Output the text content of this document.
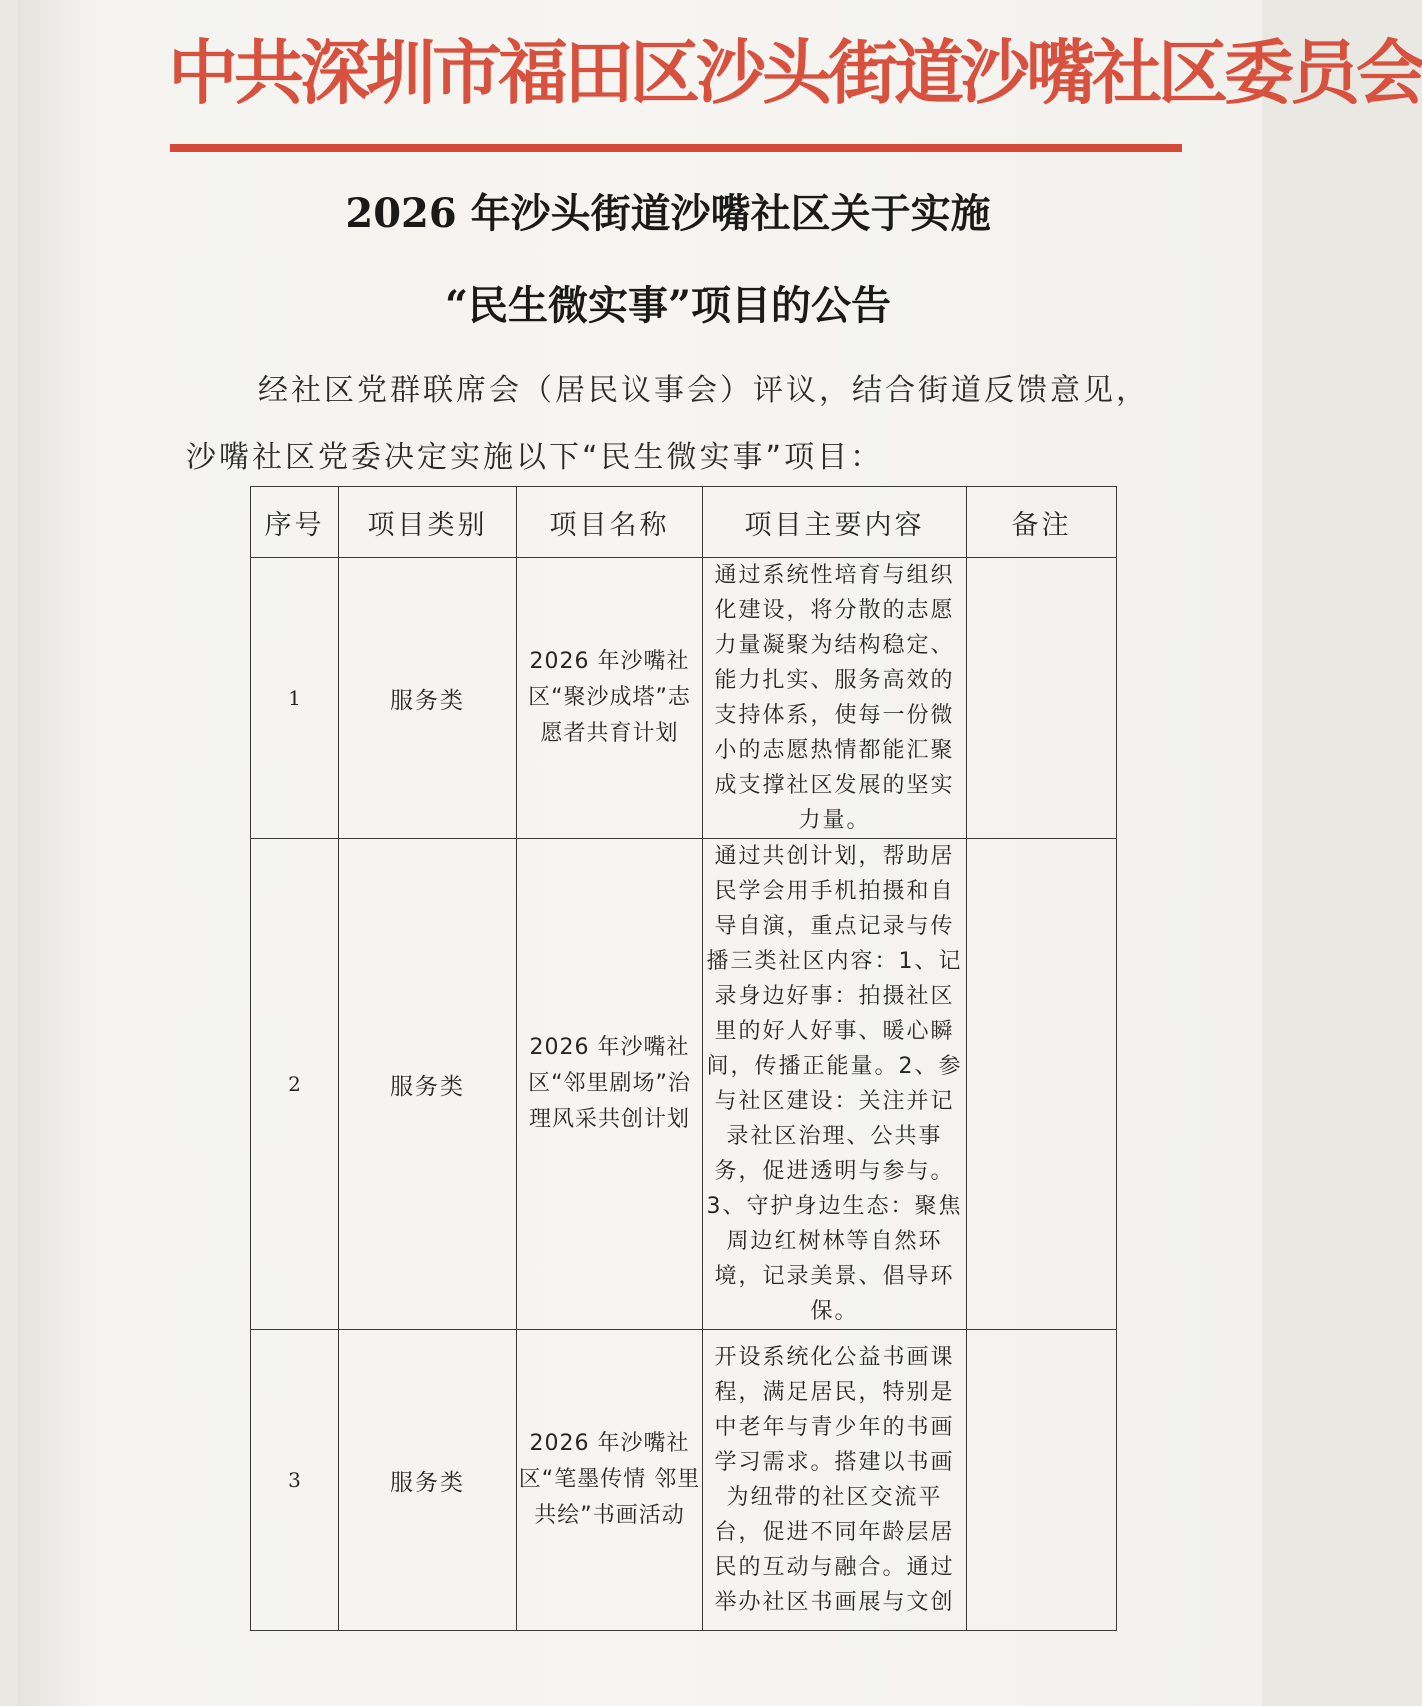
中共深圳市福田区沙头街道沙嘴社区委员会
2026 年沙头街道沙嘴社区关于实施
“民生微实事”项目的公告
经社区党群联席会（居民议事会）评议，结合街道反馈意见，
沙嘴社区党委决定实施以下“民生微实事”项目：
序号	项目类别	项目名称	项目主要内容	备注
1	服务类	2026 年沙嘴社区“聚沙成塔”志愿者共育计划	通过系统性培育与组织化建设，将分散的志愿力量凝聚为结构稳定、能力扎实、服务高效的支持体系，使每一份微小的志愿热情都能汇聚成支撑社区发展的坚实力量。	
2	服务类	2026 年沙嘴社区“邻里剧场”治理风采共创计划	通过共创计划，帮助居民学会用手机拍摄和自导自演，重点记录与传播三类社区内容：1、记录身边好事：拍摄社区里的好人好事、暖心瞬间，传播正能量。2、参与社区建设：关注并记录社区治理、公共事务，促进透明与参与。3、守护身边生态：聚焦周边红树林等自然环境，记录美景、倡导环保。	
3	服务类	2026 年沙嘴社区“笔墨传情 邻里共绘”书画活动	开设系统化公益书画课程，满足居民，特别是中老年与青少年的书画学习需求。搭建以书画为纽带的社区交流平台，促进不同年龄层居民的互动与融合。通过举办社区书画展与文创	
